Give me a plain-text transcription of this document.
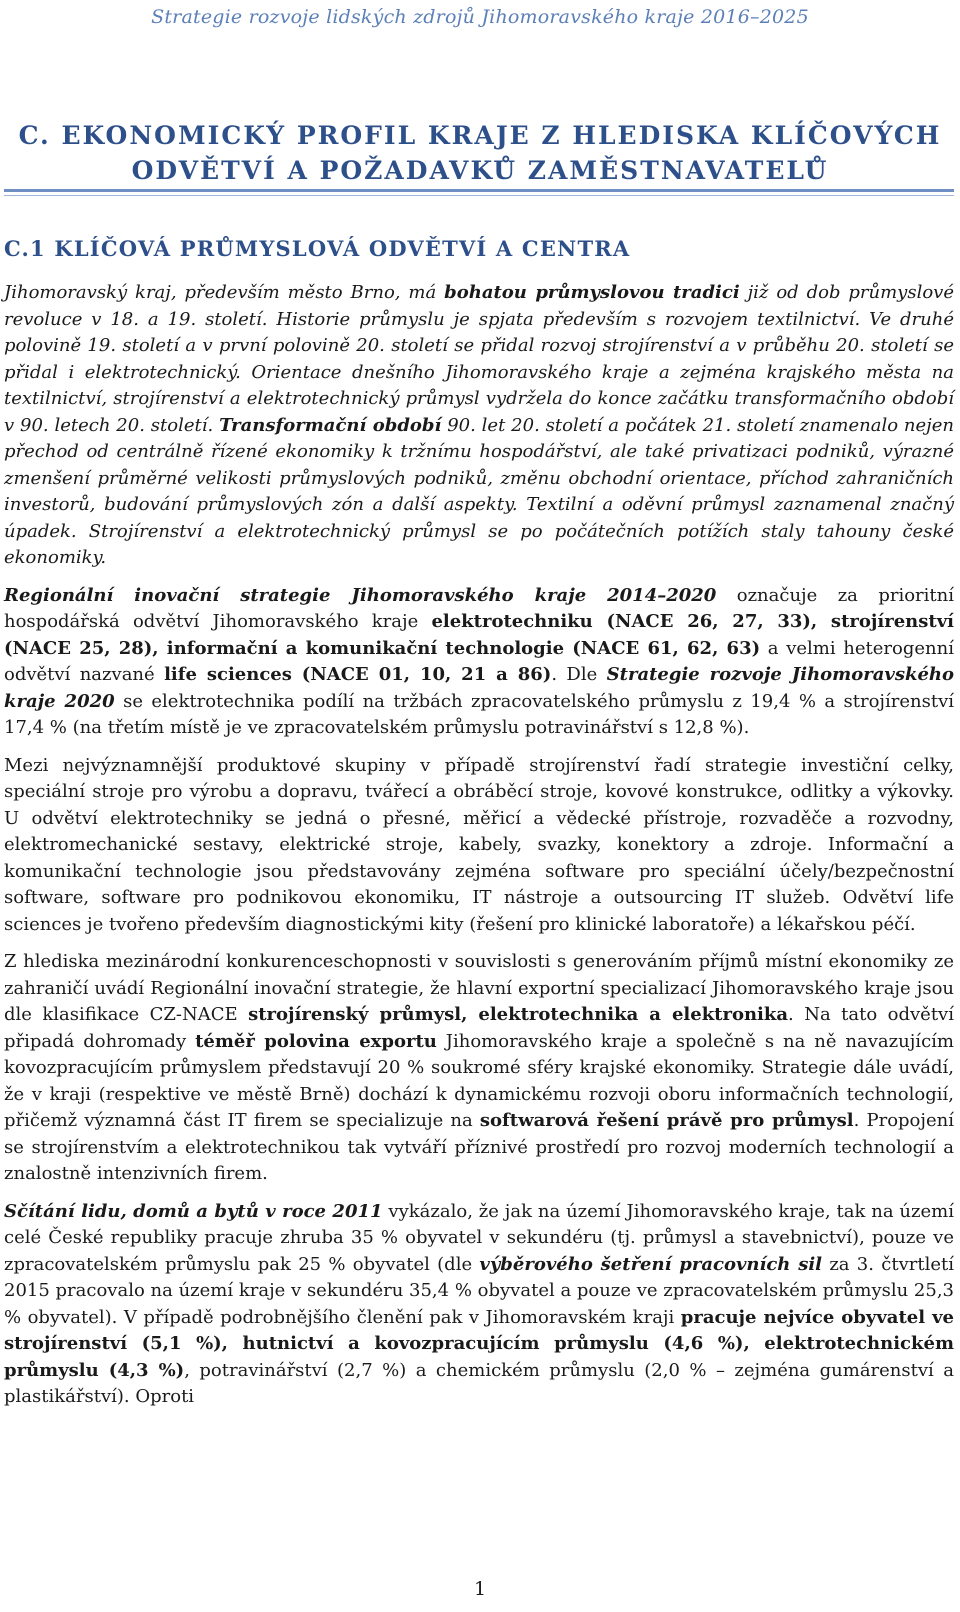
Strategie rozvoje lidských zdrojů Jihomoravského kraje 2016–2025
C. EKONOMICKÝ PROFIL KRAJE Z HLEDISKA KLÍČOVÝCH
ODVĚTVÍ A POŽADAVKŮ ZAMĚSTNAVATELŮ
C.1 KLÍČOVÁ PRŮMYSLOVÁ ODVĚTVÍ A CENTRA

Jihomoravský kraj, především město Brno, má bohatou průmyslovou tradici již od dob průmyslové revoluce v 18. a 19. století. Historie průmyslu je spjata především s rozvojem textilnictví. Ve druhé polovině 19. století a v první polovině 20. století se přidal rozvoj strojírenství a v průběhu 20. století se přidal i elektrotechnický. Orientace dnešního Jihomoravského kraje a zejména krajského města na textilnictví, strojírenství a elektrotechnický průmysl vydržela do konce začátku transformačního období v 90. letech 20. století. Transformační období 90. let 20. století a počátek 21. století znamenalo nejen přechod od centrálně řízené ekonomiky k tržnímu hospodářství, ale také privatizaci podniků, výrazné zmenšení průměrné velikosti průmyslových podniků, změnu obchodní orientace, příchod zahraničních investorů, budování průmyslových zón a další aspekty. Textilní a oděvní průmysl zaznamenal značný úpadek. Strojírenství a elektrotechnický průmysl se po počátečních potížích staly tahouny české ekonomiky.

Regionální inovační strategie Jihomoravského kraje 2014–2020 označuje za prioritní hospodářská odvětví Jihomoravského kraje elektrotechniku (NACE 26, 27, 33), strojírenství (NACE 25, 28), informační a komunikační technologie (NACE 61, 62, 63) a velmi heterogenní odvětví nazvané life sciences (NACE 01, 10, 21 a 86). Dle Strategie rozvoje Jihomoravského kraje 2020 se elektrotechnika podílí na tržbách zpracovatelského průmyslu z 19,4 % a strojírenství 17,4 % (na třetím místě je ve zpracovatelském průmyslu potravinářství s 12,8 %).

Mezi nejvýznamnější produktové skupiny v případě strojírenství řadí strategie investiční celky, speciální stroje pro výrobu a dopravu, tvářecí a obráběcí stroje, kovové konstrukce, odlitky a výkovky. U odvětví elektrotechniky se jedná o přesné, měřicí a vědecké přístroje, rozvaděče a rozvodny, elektromechanické sestavy, elektrické stroje, kabely, svazky, konektory a zdroje. Informační a komunikační technologie jsou představovány zejména software pro speciální účely/bezpečnostní software, software pro podnikovou ekonomiku, IT nástroje a outsourcing IT služeb. Odvětví life sciences je tvořeno především diagnostickými kity (řešení pro klinické laboratoře) a lékařskou péčí.

Z hlediska mezinárodní konkurenceschopnosti v souvislosti s generováním příjmů místní ekonomiky ze zahraničí uvádí Regionální inovační strategie, že hlavní exportní specializací Jihomoravského kraje jsou dle klasifikace CZ-NACE strojírenský průmysl, elektrotechnika a elektronika. Na tato odvětví připadá dohromady téměř polovina exportu Jihomoravského kraje a společně s na ně navazujícím kovozpracujícím průmyslem představují 20 % soukromé sféry krajské ekonomiky. Strategie dále uvádí, že v kraji (respektive ve městě Brně) dochází k dynamickému rozvoji oboru informačních technologií, přičemž významná část IT firem se specializuje na softwarová řešení právě pro průmysl. Propojení se strojírenstvím a elektrotechnikou tak vytváří příznivé prostředí pro rozvoj moderních technologií a znalostně intenzivních firem.

Sčítání lidu, domů a bytů v roce 2011 vykázalo, že jak na území Jihomoravského kraje, tak na území celé České republiky pracuje zhruba 35 % obyvatel v sekundéru (tj. průmysl a stavebnictví), pouze ve zpracovatelském průmyslu pak 25 % obyvatel (dle výběrového šetření pracovních sil za 3. čtvrtletí 2015 pracovalo na území kraje v sekundéru 35,4 % obyvatel a pouze ve zpracovatelském průmyslu 25,3 % obyvatel). V případě podrobnějšího členění pak v Jihomoravském kraji pracuje nejvíce obyvatel ve strojírenství (5,1 %), hutnictví a kovozpracujícím průmyslu (4,6 %), elektrotechnickém průmyslu (4,3 %), potravinářství (2,7 %) a chemickém průmyslu (2,0 % – zejména gumárenství a plastikářství). Oproti

1
